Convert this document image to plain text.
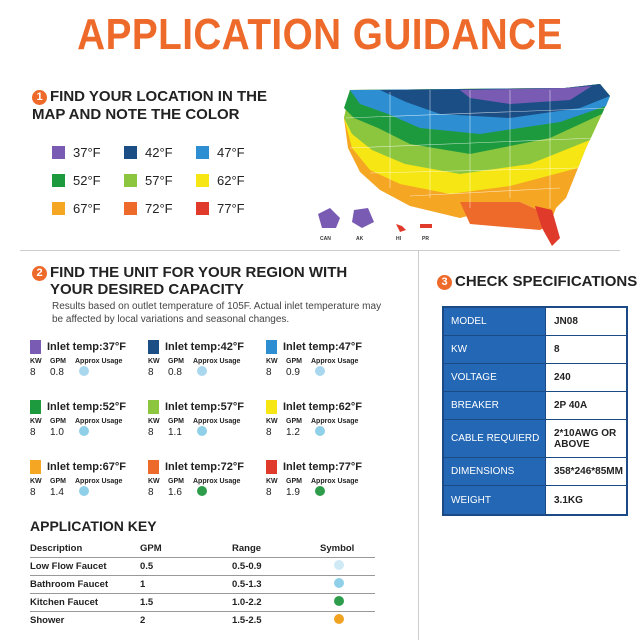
APPLICATION GUIDANCE
1 FIND YOUR LOCATION IN THE
MAP AND NOTE THE COLOR
37°F	42°F	47°F
52°F	57°F	62°F
67°F	72°F	77°F
CAN	AK	HI	PR
2 FIND THE UNIT FOR YOUR REGION WITH
YOUR DESIRED CAPACITY
Results based on outlet temperature of 105F. Actual inlet temperature may be affected by local variations and seasonal changes.
Inlet temp:37°F
KW	GPM	Approx Usage
8	0.8
Inlet temp:42°F
KW	GPM	Approx Usage
8	0.8
Inlet temp:47°F
KW	GPM	Approx Usage
8	0.9
Inlet temp:52°F
KW	GPM	Approx Usage
8	1.0
Inlet temp:57°F
KW	GPM	Approx Usage
8	1.1
Inlet temp:62°F
KW	GPM	Approx Usage
8	1.2
Inlet temp:67°F
KW	GPM	Approx Usage
8	1.4
Inlet temp:72°F
KW	GPM	Approx Usage
8	1.6
Inlet temp:77°F
KW	GPM	Approx Usage
8	1.9
3 CHECK SPECIFICATIONS
MODEL	JN08
KW	8
VOLTAGE	240
BREAKER	2P 40A
CABLE REQUIERD	2*10AWG OR ABOVE
DIMENSIONS	358*246*85MM
WEIGHT	3.1KG
APPLICATION KEY
Description	GPM	Range	Symbol
Low Flow Faucet	0.5	0.5-0.9	
Bathroom Faucet	1	0.5-1.3	
Kitchen Faucet	1.5	1.0-2.2	
Shower	2	1.5-2.5	
